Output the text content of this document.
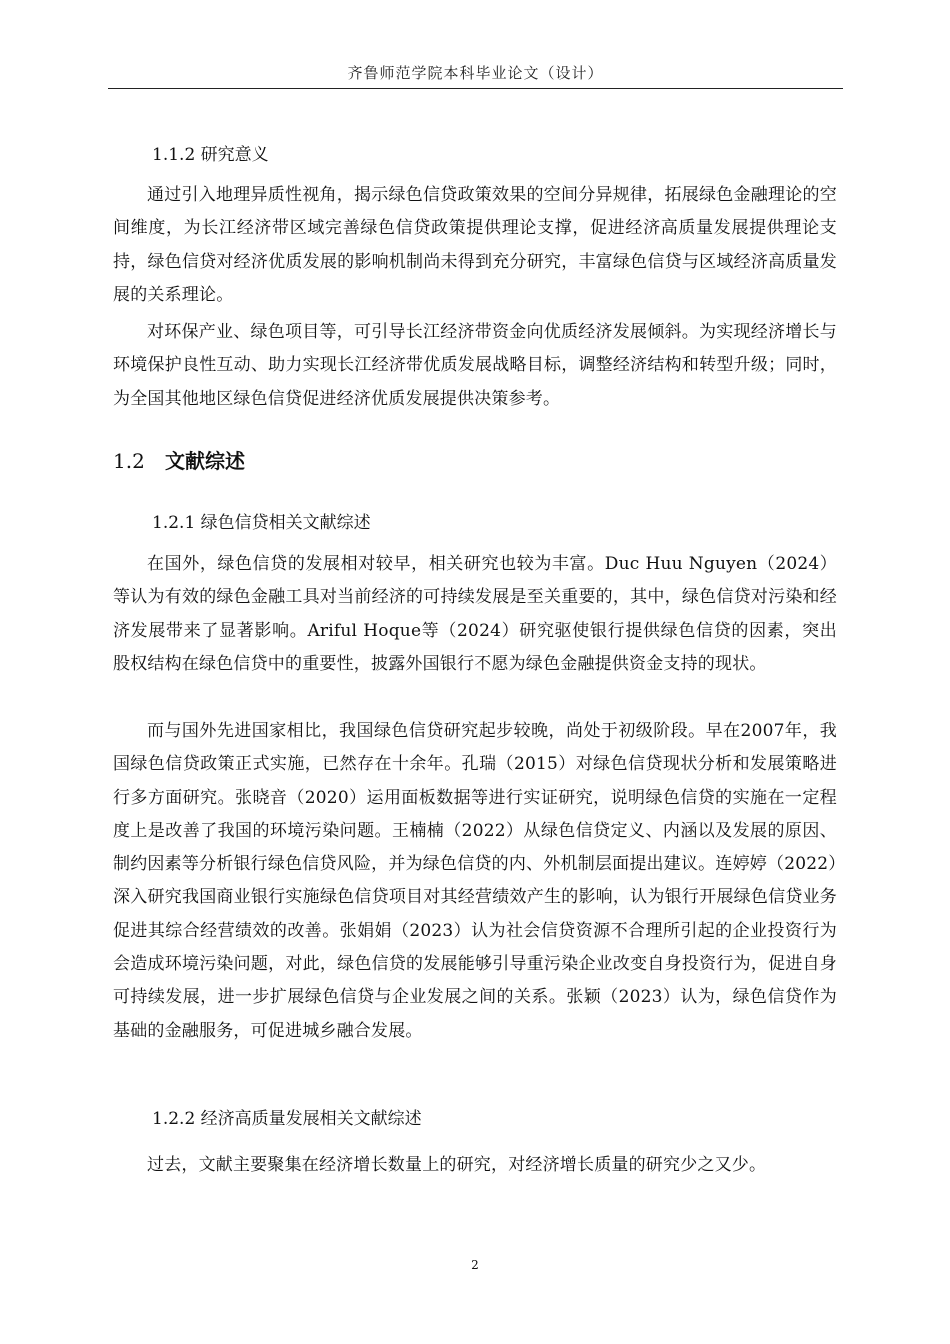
齐鲁师范学院本科毕业论文（设计）
1.1.2 研究意义

通过引入地理异质性视角，揭示绿色信贷政策效果的空间分异规律，拓展绿色金融理论的空间维度，为长江经济带区域完善绿色信贷政策提供理论支撑，促进经济高质量发展提供理论支持，绿色信贷对经济优质发展的影响机制尚未得到充分研究，丰富绿色信贷与区域经济高质量发展的关系理论。

对环保产业、绿色项目等，可引导长江经济带资金向优质经济发展倾斜。为实现经济增长与环境保护良性互动、助力实现长江经济带优质发展战略目标，调整经济结构和转型升级；同时，为全国其他地区绿色信贷促进经济优质发展提供决策参考。

1.2 文献综述
1.2.1 绿色信贷相关文献综述

在国外，绿色信贷的发展相对较早，相关研究也较为丰富。Duc Huu Nguyen（2024）等认为有效的绿色金融工具对当前经济的可持续发展是至关重要的，其中，绿色信贷对污染和经济发展带来了显著影响。Ariful Hoque等（2024）研究驱使银行提供绿色信贷的因素，突出股权结构在绿色信贷中的重要性，披露外国银行不愿为绿色金融提供资金支持的现状。

而与国外先进国家相比，我国绿色信贷研究起步较晚，尚处于初级阶段。早在2007年，我国绿色信贷政策正式实施，已然存在十余年。孔瑞（2015）对绿色信贷现状分析和发展策略进行多方面研究。张晓音（2020）运用面板数据等进行实证研究，说明绿色信贷的实施在一定程度上是改善了我国的环境污染问题。王楠楠（2022）从绿色信贷定义、内涵以及发展的原因、制约因素等分析银行绿色信贷风险，并为绿色信贷的内、外机制层面提出建议。连婷婷（2022）深入研究我国商业银行实施绿色信贷项目对其经营绩效产生的影响，认为银行开展绿色信贷业务促进其综合经营绩效的改善。张娟娟（2023）认为社会信贷资源不合理所引起的企业投资行为会造成环境污染问题，对此，绿色信贷的发展能够引导重污染企业改变自身投资行为，促进自身可持续发展，进一步扩展绿色信贷与企业发展之间的关系。张颖（2023）认为，绿色信贷作为基础的金融服务，可促进城乡融合发展。

1.2.2 经济高质量发展相关文献综述

过去，文献主要聚集在经济增长数量上的研究，对经济增长质量的研究少之又少。

2
